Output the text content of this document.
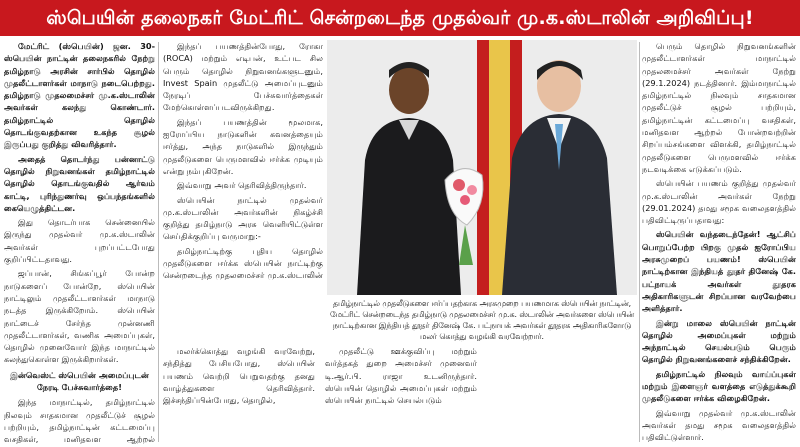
ஸ்பெயின் தலைநகர் மேட்ரிட் சென்றடைந்த முதல்வர் மு.க.ஸ்டாலின் அறிவிப்பு!

மேட்ரிட் (ஸ்பெயின்) ஜன. 30- ஸ்பெயின் நாட்டின் தலைநகரில் நேற்று தமிழ்நாடு அரசின் சார்பில் தொழில் முதலீட்டாளர்கள் மாநாடு நடைபெற்றது. தமிழ்நாடு முதலமைச்சர் மு.க.ஸ்டாலின் அவர்கள் கலந்து கொண்டார். தமிழ்நாட்டில் தொழில் தொடங்குவதற்கான உகந்த சூழல் இருப்பது குறித்து விவரித்தார்.

அதைத் தொடர்ந்து பன்னாட்டு தொழில் நிறுவனங்கள் தமிழ்நாட்டில் தொழில் தொடங்குவதில் ஆர்வம் காட்டி, புரிந்துணர்வு ஒப்பந்தங்களில் கையெழுத்திட்டன.

இது தொடர்பாக சென்னையில் இருந்து முதல்வர் மு.க.ஸ்டாலின் அவர்கள் புறப்பட்டபோது குறிப்பிட்டதாவது.

ஜப்பான், சிங்கப்பூர் போன்ற நாடுகளைப் போன்றே, ஸ்பெயின் நாட்டிலும் முதலீட்டாளர்கள் மாநாடு நடத்த இருக்கிறோம். ஸ்பெயின் நாட்டைச் சேர்ந்த முன்னணி முதலீட்டாளர்கள், வணிக அமைப்புகள், தொழில் முனைவோர் இந்த மாநாட்டில் கலந்துகொள்ள இருக்கிறார்கள்.

இன்வெஸ்ட் ஸ்பெயின் அமைப்புடன் நேரடி பேச்சுவார்த்தை!

இந்த மாநாட்டில், தமிழ்நாட்டில் நிலவும் சாதகமான முதலீட்டுச் சூழல் பற்றியும், தமிழ்நாட்டின் கட்டமைப்பு வசதிகள், மனிதவள ஆற்றல்

இந்தப் பயணத்தின்போது, ரோகா (ROCA) மற்றும் எடிபன், உட்பட சில பெரும் தொழில் நிறுவனங்களுடனும், Invest Spain முதலீட்டு அமைப்புடனும் நேரடிப் பேச்சுவார்த்தைகள் மேற்கொள்ளப்படவிருக்கிறது.

இந்தப் பயணத்தின் மூலமாக, ஐரோப்பிய நாடுகளின் கவனத்தையும் ஈர்த்து, அந்த நாடுகளில் இருந்தும் முதலீடுகளை பெருமளவில் ஈர்க்க முடியும் என்று நம்புகிறேன்.

இவ்வாறு அவர் தெரிவித்திருந்தார்.

ஸ்பெயின் நாட்டில் முதல்வர் மு.க.ஸ்டாலின் அவர்களின் நிகழ்ச்சி குறித்து தமிழ்நாடு அரசு வெளியிட்டுள்ள செய்திக்குறிப்பு வருமாறு:-

தமிழ்நாட்டிற்கு புதிய தொழில் முதலீடுகளை ஈர்க்க ஸ்பெயின் நாட்டிற்கு சென்றடைந்த முதலமைச்சர் மு.க.ஸ்டாலின்

தமிழ்நாட்டில் முதலீடுகளை ஈர்ப்பதற்காக அரசுமுறை பயணமாக ஸ்பெயின் நாட்டின், மேட்ரிட் சென்றடைந்த தமிழ்நாடு முதலமைச்சர் மு.க. ஸ்டாலின் அவர்களை ஸ்பெயின் நாட்டிற்கான இந்தியத் தூதர் தினேஷ் கே. பட்நாயக் அவர்கள் தூதரக அதிகாரிகளோடு மலர் கொத்து வழங்கி வரவேற்றார்.

மலர்க்கொத்து வழங்கி வரவேற்று, சந்தித்து பேசியபோது, ஸ்பெயின் பயணம் வெற்றி பெறுவதற்கு தனது வாழ்த்துகளை தெரிவித்தார். இச்சந்திப்பின்போது, தொழில்,

முதலீட்டு ஊக்குவிப்பு மற்றும் வர்த்தகத் துறை அமைச்சர் முனைவர் டி.ஆர்.பி. ராஜா உடனிருந்தார். ஸ்பெயின் தொழில் அமைப்புகள் மற்றும் ஸ்பெயின் நாட்டில் செயல்படும்

பெரும் தொழில் நிறுவனங்களின் முதலீட்டாளர்கள் மாநாட்டில் முதலமைச்சர் அவர்கள் நேற்று (29.1.2024) நடத்தினார். இம்மாநாட்டில் தமிழ்நாட்டில் நிலவும் சாதகமான முதலீட்டுச் சூழல் பற்றியும், தமிழ்நாட்டின் கட்டமைப்பு வசதிகள், மனிதவள ஆற்றல் போன்றவற்றின் சிறப்பம்சங்களை விளக்கி, தமிழ்நாட்டில் முதலீடுகளை பெருமளவில் ஈர்க்க நடவடிக்கை எடுக்கப்படும்.

ஸ்பெயின் பயணம் குறித்து முதல்வர் மு.க.ஸ்டாலின் அவர்கள் நேற்று (29.01.2024) தமது சமூக வலைதளத்தில் பதிவிட்டிருப்பதாவது:

ஸ்பெயின் வந்தடைந்தேன்! ஆட்சிப் பொறுப்பேற்ற பிறகு முதல் ஐரோப்பிய அரசுமுறைப் பயணம்! ஸ்பெயின் நாட்டிற்கான இந்தியத் தூதர் தினேஷ் கே. பட்நாயக் அவர்கள் தூதரக அதிகாரிகளுடன் சிறப்பான வரவேற்பை அளித்தார்.

இன்று மாலை ஸ்பெயின் நாட்டின் தொழில் அமைப்புகள் மற்றும் அந்நாட்டில் செயல்படும் பெரும் தொழில் நிறுவனங்களைச் சந்திக்கிறேன்.

தமிழ்நாட்டில் நிலவும் வாய்ப்புகள் மற்றும் இளைஞர் வளத்தை எடுத்துக்கூறி முதலீடுகளை ஈர்க்க விழைகிறேன்.

இவ்வாறு முதல்வர் மு.க.ஸ்டாலின் அவர்கள் தமது சமூக வலைதளத்தில் பதிவிட்டுள்ளார்.
